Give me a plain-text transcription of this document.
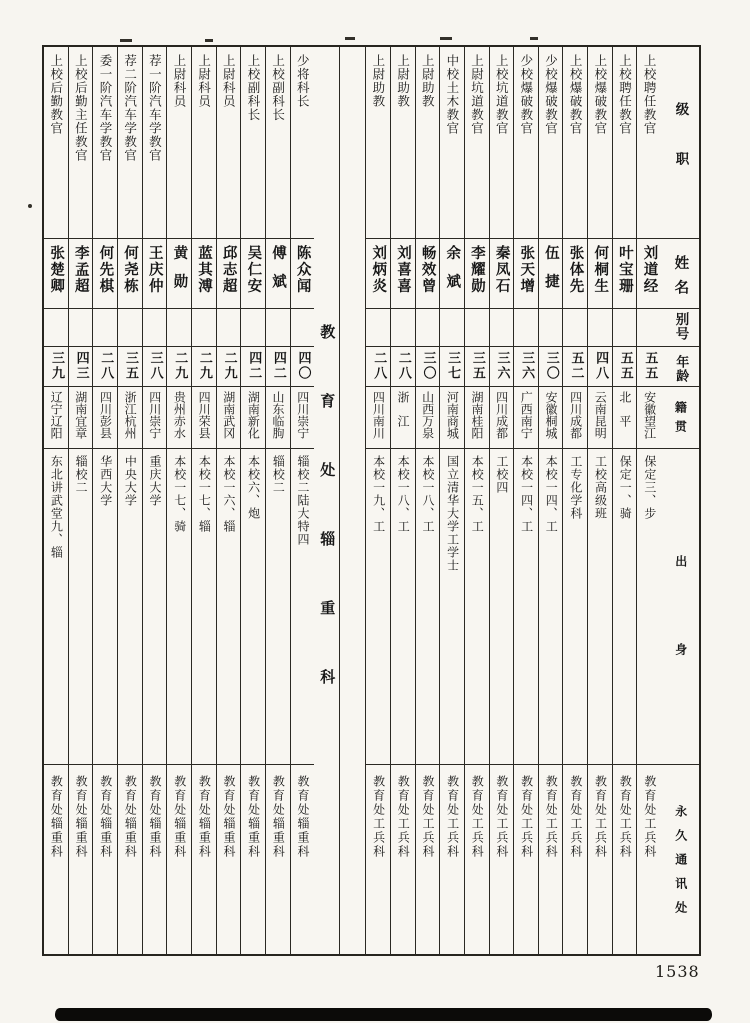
上校后勤教官
张楚卿
三九
辽宁辽阳
东北讲武堂九、辎
教育处辎重科
上校后勤主任教官
李孟超
四三
湖南宜章
辎校二
教育处辎重科
委一阶汽车学教官
何先棋
二八
四川彭县
华西大学
教育处辎重科
荐二阶汽车学教官
何尧栋
三五
浙江杭州
中央大学
教育处辎重科
荐一阶汽车学教官
王庆仲
三八
四川崇宁
重庆大学
教育处辎重科
上尉科员
黄勋
二九
贵州赤水
本校一七、骑
教育处辎重科
上尉科员
蓝其溥
二九
四川荣县
本校一七、辎
教育处辎重科
上尉科员
邱志超
二九
湖南武冈
本校一六、辎
教育处辎重科
上校副科长
吴仁安
四二
湖南新化
本校六、炮
教育处辎重科
上校副科长
傅斌
四二
山东临朐
辎校二
教育处辎重科
少将科长
陈众闻
四〇
四川崇宁
辎校二陆大特四
教育处辎重科
教育处辎重科
上尉助教
刘炳炎
二八
四川南川
本校一九、工
教育处工兵科
上尉助教
刘喜喜
二八
浙　江
本校一八、工
教育处工兵科
上尉助教
畅效曾
三〇
山西万泉
本校一八、工
教育处工兵科
中校土木教官
余斌
三七
河南商城
国立清华大学工学士
教育处工兵科
上尉坑道教官
李耀勋
三五
湖南桂阳
本校一五、工
教育处工兵科
上校坑道教官
秦凤石
三六
四川成都
工校四
教育处工兵科
少校爆破教官
张天增
三六
广西南宁
本校一四、工
教育处工兵科
少校爆破教官
伍捷
三〇
安徽桐城
本校一四、工
教育处工兵科
上校爆破教官
张体先
五二
四川成都
工专化学科
教育处工兵科
上校爆破教官
何桐生
四八
云南昆明
工校高级班
教育处工兵科
上校聘任教官
叶宝珊
五五
北　平
保定一、骑
教育处工兵科
上校聘任教官
刘道经
五五
安徽望江
保定三、步
教育处工兵科
级职
姓名
别号
年龄
籍贯
出身
永久通讯处
1538
